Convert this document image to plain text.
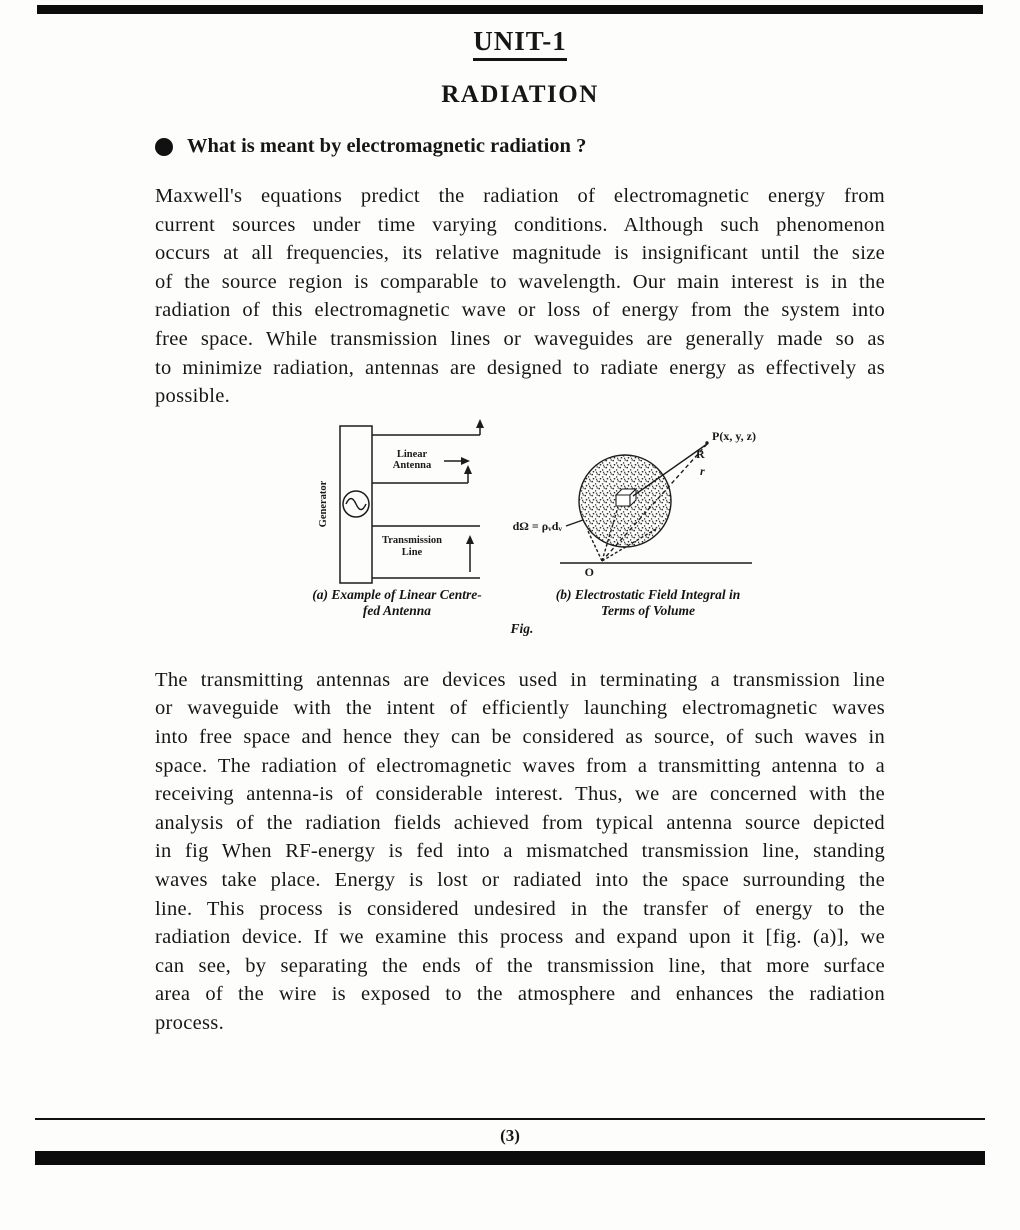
UNIT-1
RADIATION
What is meant by electromagnetic radiation ?

Maxwell's equations predict the radiation of electromagnetic energy from current sources under time varying conditions. Although such phenomenon occurs at all frequencies, its relative magnitude is insignificant until the size of the source region is comparable to wavelength. Our main interest is in the radiation of this electromagnetic wave or loss of energy from the system into free space. While transmission lines or waveguides are generally made so as to minimize radiation, antennas are designed to radiate energy as effectively as possible.

Generator
Linear
Antenna
Transmission
Line
P(x, y, z)
R
r
dΩ = ρᵥdᵥ
O
(a) Example of Linear Centre-
fed Antenna
(b) Electrostatic Field Integral in
Terms of Volume
Fig.

The transmitting antennas are devices used in terminating a transmission line or waveguide with the intent of efficiently launching electromagnetic waves into free space and hence they can be considered as source, of such waves in space. The radiation of electromagnetic waves from a transmitting antenna to a receiving antenna-is of considerable interest. Thus, we are concerned with the analysis of the radiation fields achieved from typical antenna source depicted in fig When RF-energy is fed into a mismatched transmission line, standing waves take place. Energy is lost or radiated into the space surrounding the line. This process is considered undesired in the transfer of energy to the radiation device. If we examine this process and expand upon it [fig. (a)], we can see, by separating the ends of the transmission line, that more surface area of the wire is exposed to the atmosphere and enhances the radiation process.

(3)
